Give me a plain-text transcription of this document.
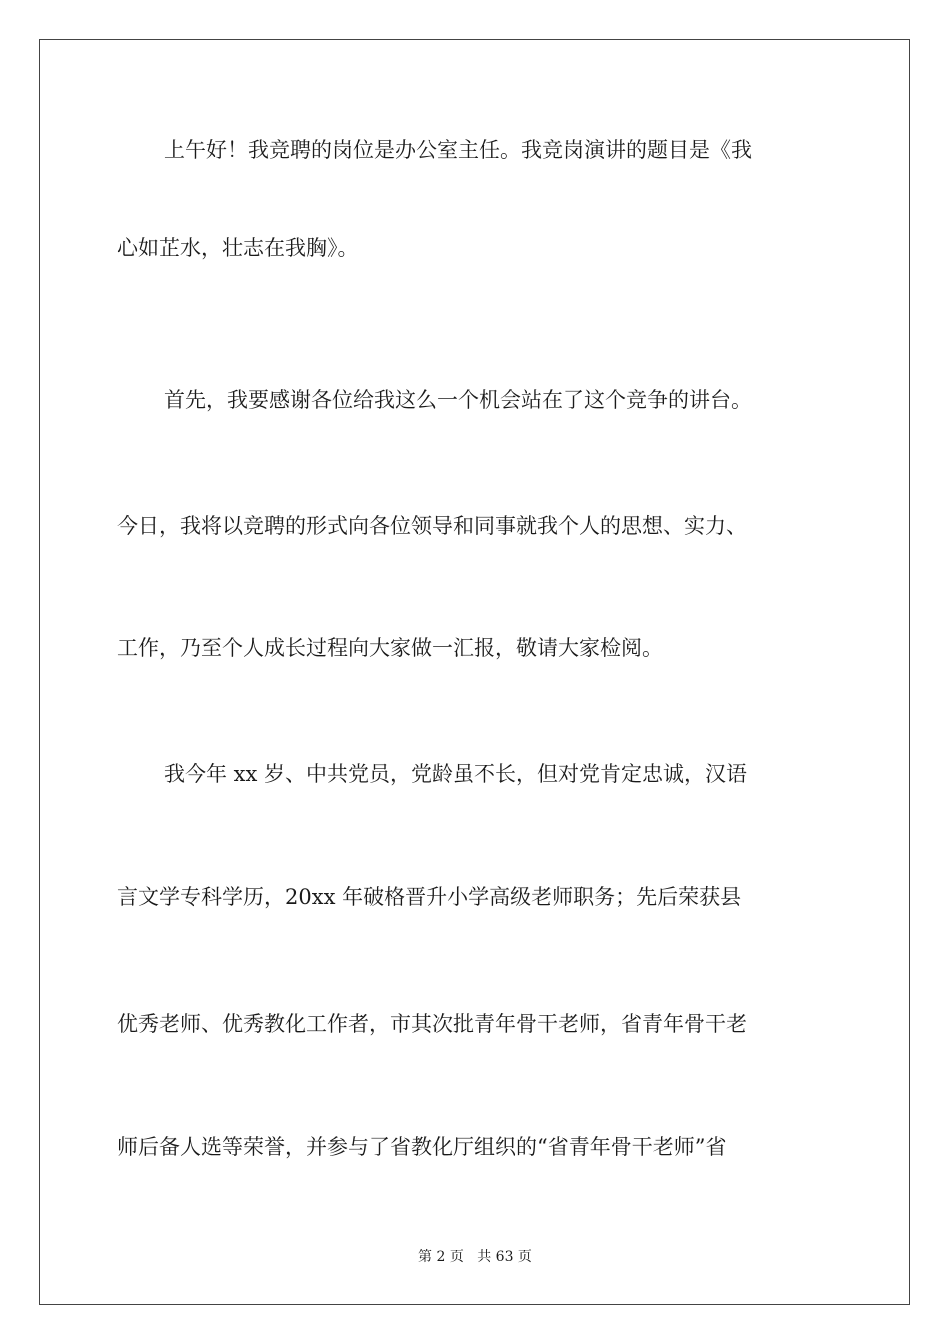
上午好！我竞聘的岗位是办公室主任。我竞岗演讲的题目是《我
心如芷水，壮志在我胸》。
首先，我要感谢各位给我这么一个机会站在了这个竞争的讲台。
今日，我将以竞聘的形式向各位领导和同事就我个人的思想、实力、
工作，乃至个人成长过程向大家做一汇报，敬请大家检阅。
我今年 xx 岁、中共党员，党龄虽不长，但对党肯定忠诚，汉语
言文学专科学历，20xx 年破格晋升小学高级老师职务；先后荣获县
优秀老师、优秀教化工作者，市其次批青年骨干老师，省青年骨干老
师后备人选等荣誉，并参与了省教化厅组织的“省青年骨干老师”省
第 2 页 共 63 页
